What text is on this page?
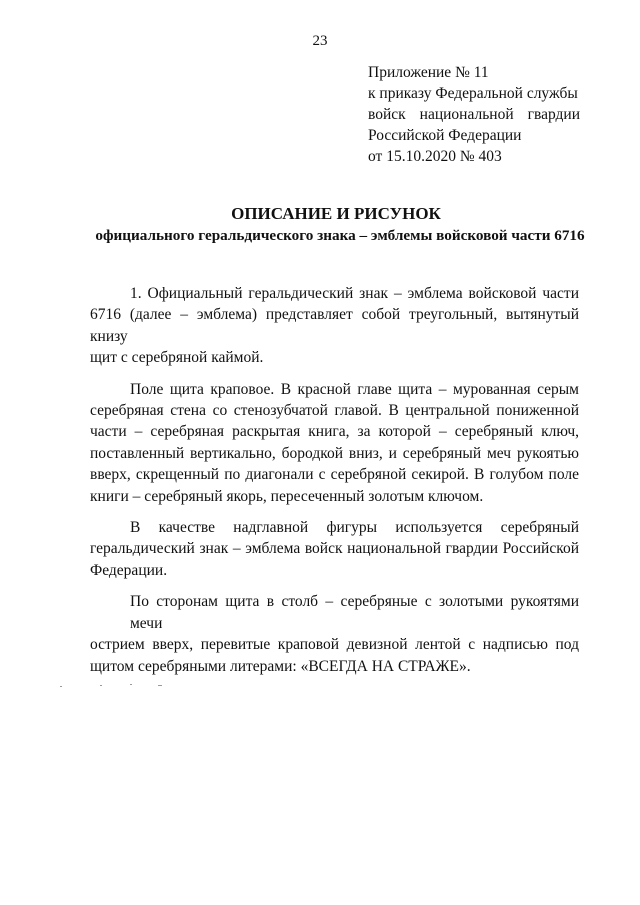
23
Приложение № 11
к приказу Федеральной службы
войск национальной гвардии
Российской Федерации
от 15.10.2020 № 403
ОПИСАНИЕ И РИСУНОК
официального геральдического знака – эмблемы войсковой части 6716
1. Официальный геральдический знак – эмблема войсковой части
6716 (далее – эмблема) представляет собой треугольный, вытянутый книзу
щит с серебряной каймой.
Поле щита краповое. В красной главе щита – мурованная серым
серебряная стена со стенозубчатой главой. В центральной пониженной
части – серебряная раскрытая книга, за которой – серебряный ключ,
поставленный вертикально, бородкой вниз, и серебряный меч рукоятью
вверх, скрещенный по диагонали с серебряной секирой. В голубом поле
книги – серебряный якорь, пересеченный золотым ключом.
В качестве надглавной фигуры используется серебряный
геральдический знак – эмблема войск национальной гвардии Российской
Федерации.
По сторонам щита в столб – серебряные с золотыми рукоятями мечи
острием вверх, перевитые краповой девизной лентой с надписью под
щитом серебряными литерами: «ВСЕГДА НА СТРАЖЕ».
